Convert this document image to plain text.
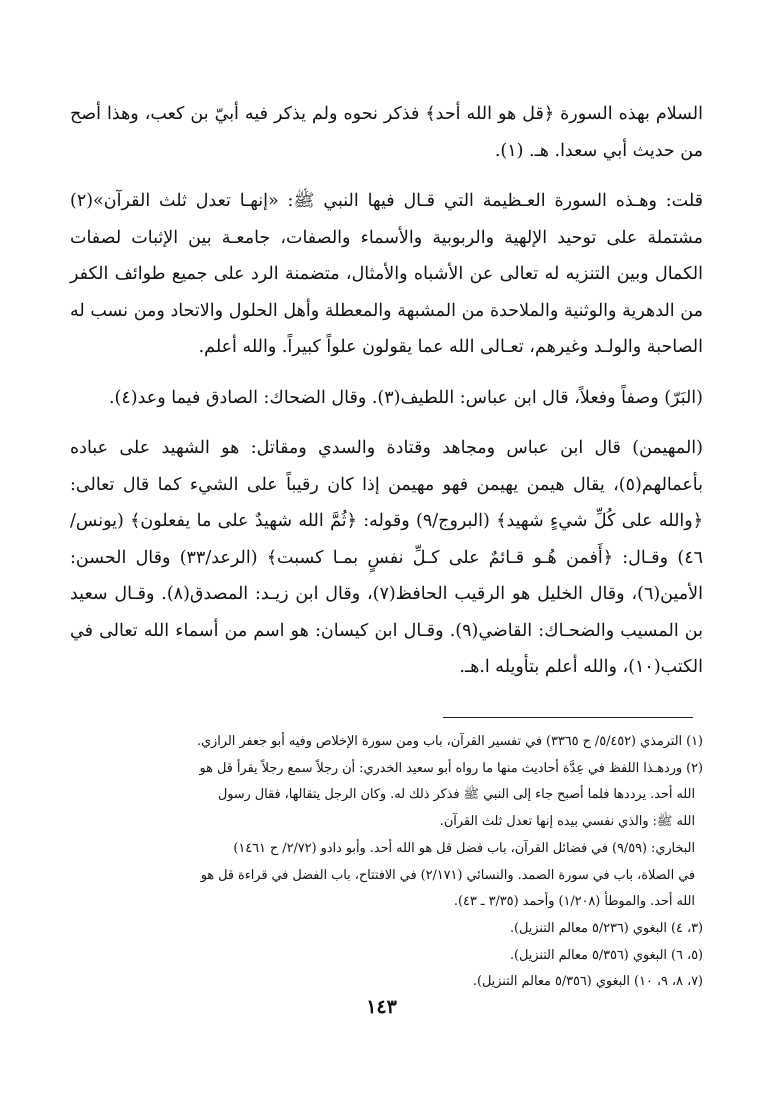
السلام بهذه السورة ﴿قل هو الله أحد﴾ فذكر نحوه ولم يذكر فيه أبيّ بن كعب، وهذا أصح من حديث أبي سعدا. هـ. (١).

قلت: وهـذه السورة العـظيمة التي قـال فيها النبي ﷺ: «إنهـا تعدل ثلث القرآن»(٢) مشتملة على توحيد الإلهية والربوبية والأسماء والصفات، جامعـة بين الإثبات لصفات الكمال وبين التنزيه له تعالى عن الأشباه والأمثال، متضمنة الرد على جميع طوائف الكفر من الدهرية والوثنية والملاحدة من المشبهة والمعطلة وأهل الحلول والاتحاد ومن نسب له الصاحبة والولـد وغيرهم، تعـالى الله عما يقولون علواً كبيراً. والله أعلم.

(البَرّ) وصفاً وفعلاً، قال ابن عباس: اللطيف(٣). وقال الضحاك: الصادق فيما وعد(٤).

(المهيمن) قال ابن عباس ومجاهد وقتادة والسدي ومقاتل: هو الشهيد على عباده بأعمالهم(٥)، يقال هيمن يهيمن فهو مهيمن إذا كان رقيباً على الشيء كما قال تعالى: ﴿والله على كُلِّ شيءٍ شهيد﴾ (البروج/٩) وقوله: ﴿ثُمَّ الله شهيدٌ على ما يفعلون﴾ (يونس/٤٦) وقـال: ﴿أَفمن هُـو قـائمٌ على كـلِّ نفسٍ بمـا كسبت﴾ (الرعد/٣٣) وقال الحسن: الأمين(٦)، وقال الخليل هو الرقيب الحافظ(٧)، وقال ابن زيـد: المصدق(٨). وقـال سعيد بن المسيب والضحـاك: القاضي(٩). وقـال ابن كيسان: هو اسم من أسماء الله تعالى في الكتب(١٠)، والله أعلم بتأويله ا.هـ.

(١) الترمذي (٥/٤٥٢/ ح ٣٣٦٥) في تفسير القرآن، باب ومن سورة الإخلاص وفيه أبو جعفر الرازي.

(٢) وردهـذا اللفظ في عِدَّة أحاديث منها ما رواه أبو سعيد الخدري: أن رجلاً سمع رجلاً يقرأ قل هو

الله أحد. يرددها فلما أصبح جاء إلى النبي ﷺ فذكر ذلك له. وكان الرجل يتقالها، فقال رسول

الله ﷺ: والذي نفسي بيده إنها تعدل ثلث القرآن.

البخاري: (٩/٥٩) في فضائل القرآن، باب فضل قل هو الله أحد. وأبو دادو (٢/٧٢/ ح ١٤٦١)

في الصلاة، باب في سورة الصمد. والنسائي (٢/١٧١) في الافتتاح، باب الفضل في قراءة قل هو

الله أحد. والموطأ (١/٢٠٨) وأحمد (٣/٣٥ ـ ٤٣).

(٣، ٤) البغوي (٥/٢٣٦ معالم التنزيل).

(٥، ٦) البغوي (٥/٣٥٦ معالم التنزيل).

(٧، ٨، ٩، ١٠) البغوي (٥/٣٥٦ معالم التنزيل).

١٤٣
